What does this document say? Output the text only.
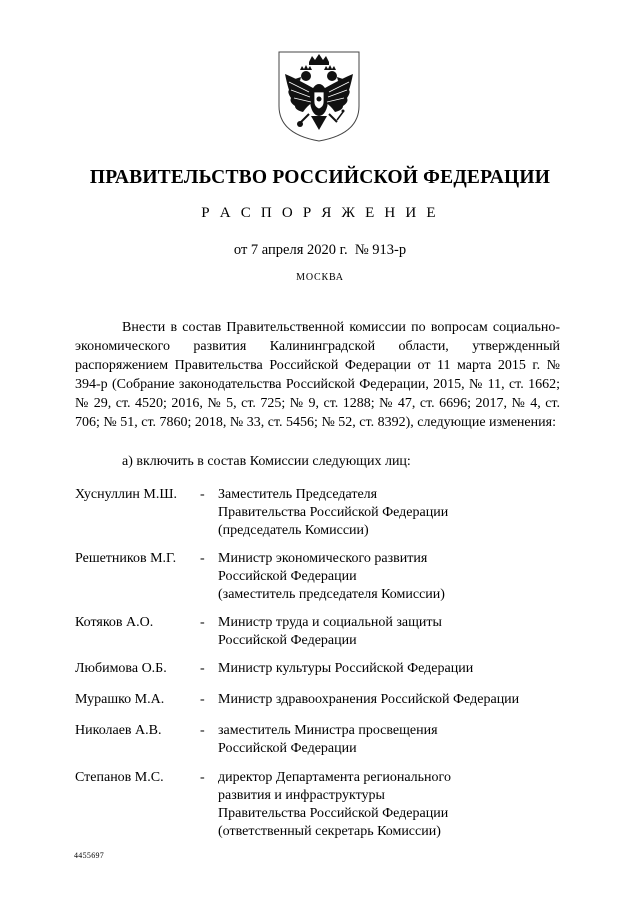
ПРАВИТЕЛЬСТВО РОССИЙСКОЙ ФЕДЕРАЦИИ
Р А С П О Р Я Ж Е Н И Е
от 7 апреля 2020 г.  № 913-р
МОСКВА
Внести в состав Правительственной комиссии по вопросам социально-экономического развития Калининградской области, утвержденный распоряжением Правительства Российской Федерации от 11 марта 2015 г. № 394-р (Собрание законодательства Российской Федерации, 2015, № 11, ст. 1662; № 29, ст. 4520; 2016, № 5, ст. 725; № 9, ст. 1288; № 47, ст. 6696; 2017, № 4, ст. 706; № 51, ст. 7860; 2018, № 33, ст. 5456; № 52, ст. 8392), следующие изменения:
а) включить в состав Комиссии следующих лиц:
Хуснуллин М.Ш. - Заместитель Председателя
Правительства Российской Федерации
(председатель Комиссии)
Решетников М.Г. - Министр экономического развития
Российской Федерации
(заместитель председателя Комиссии)
Котяков А.О.	- Министр труда и социальной защиты
Российской Федерации
Любимова О.Б. - Министр культуры Российской Федерации
Мурашко М.А.	- Министр здравоохранения Российской Федерации
Николаев А.В.	- заместитель Министра просвещения
Российской Федерации
Степанов М.С.	- директор Департамента регионального
развития и инфраструктуры
Правительства Российской Федерации
(ответственный секретарь Комиссии)
4455697
